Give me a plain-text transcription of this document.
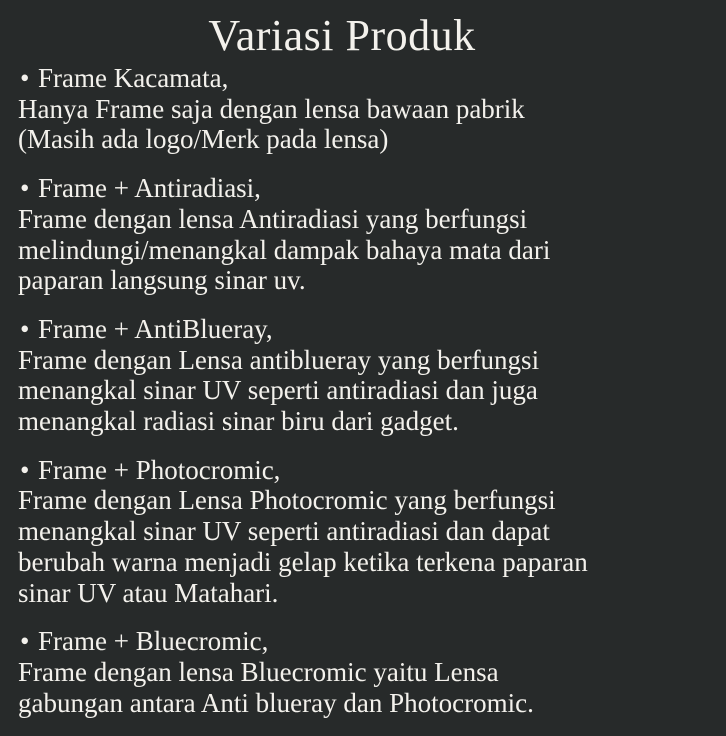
Variasi Produk
• Frame Kacamata,
Hanya Frame saja dengan lensa bawaan pabrik
(Masih ada logo/Merk pada lensa)
• Frame + Antiradiasi,
Frame dengan lensa Antiradiasi yang berfungsi
melindungi/menangkal dampak bahaya mata dari
paparan langsung sinar uv.
• Frame + AntiBlueray,
Frame dengan Lensa antiblueray yang berfungsi
menangkal sinar UV seperti antiradiasi dan juga
menangkal radiasi sinar biru dari gadget.
• Frame + Photocromic,
Frame dengan Lensa Photocromic yang berfungsi
menangkal sinar UV seperti antiradiasi dan dapat
berubah warna menjadi gelap ketika terkena paparan
sinar UV atau Matahari.
• Frame + Bluecromic,
Frame dengan lensa Bluecromic yaitu Lensa
gabungan antara Anti blueray dan Photocromic.
